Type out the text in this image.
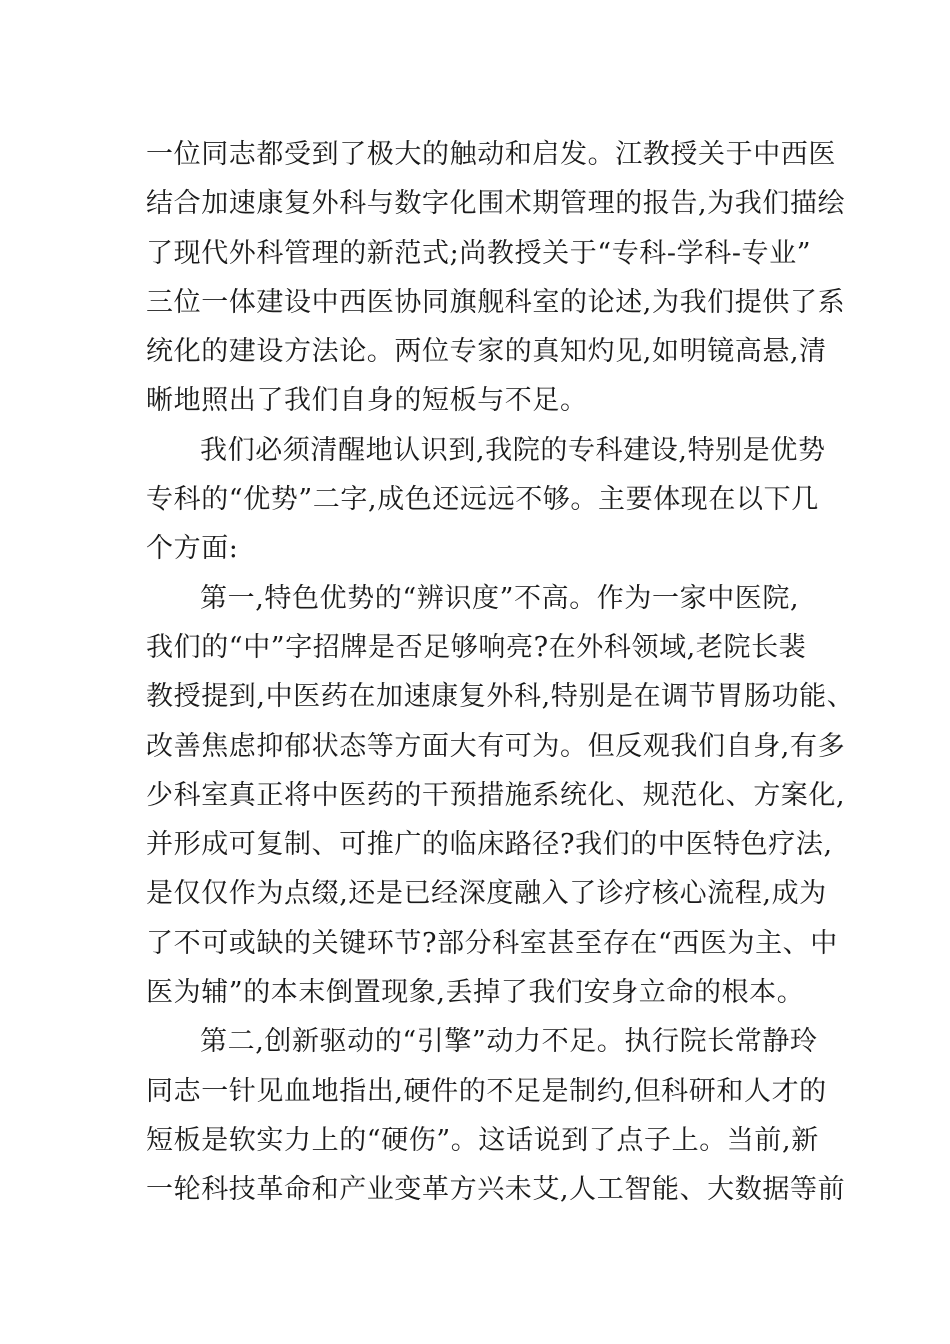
一位同志都受到了极大的触动和启发。江教授关于中西医
结合加速康复外科与数字化围术期管理的报告,为我们描绘
了现代外科管理的新范式;尚教授关于“专科-学科-专业”
三位一体建设中西医协同旗舰科室的论述,为我们提供了系
统化的建设方法论。两位专家的真知灼见,如明镜高悬,清
晰地照出了我们自身的短板与不足。
我们必须清醒地认识到,我院的专科建设,特别是优势
专科的“优势”二字,成色还远远不够。主要体现在以下几
个方面:
第一,特色优势的“辨识度”不高。作为一家中医院,
我们的“中”字招牌是否足够响亮?在外科领域,老院长裴
教授提到,中医药在加速康复外科,特别是在调节胃肠功能、
改善焦虑抑郁状态等方面大有可为。但反观我们自身,有多
少科室真正将中医药的干预措施系统化、规范化、方案化,
并形成可复制、可推广的临床路径?我们的中医特色疗法,
是仅仅作为点缀,还是已经深度融入了诊疗核心流程,成为
了不可或缺的关键环节?部分科室甚至存在“西医为主、中
医为辅”的本末倒置现象,丢掉了我们安身立命的根本。
第二,创新驱动的“引擎”动力不足。执行院长常静玲
同志一针见血地指出,硬件的不足是制约,但科研和人才的
短板是软实力上的“硬伤”。这话说到了点子上。当前,新
一轮科技革命和产业变革方兴未艾,人工智能、大数据等前
